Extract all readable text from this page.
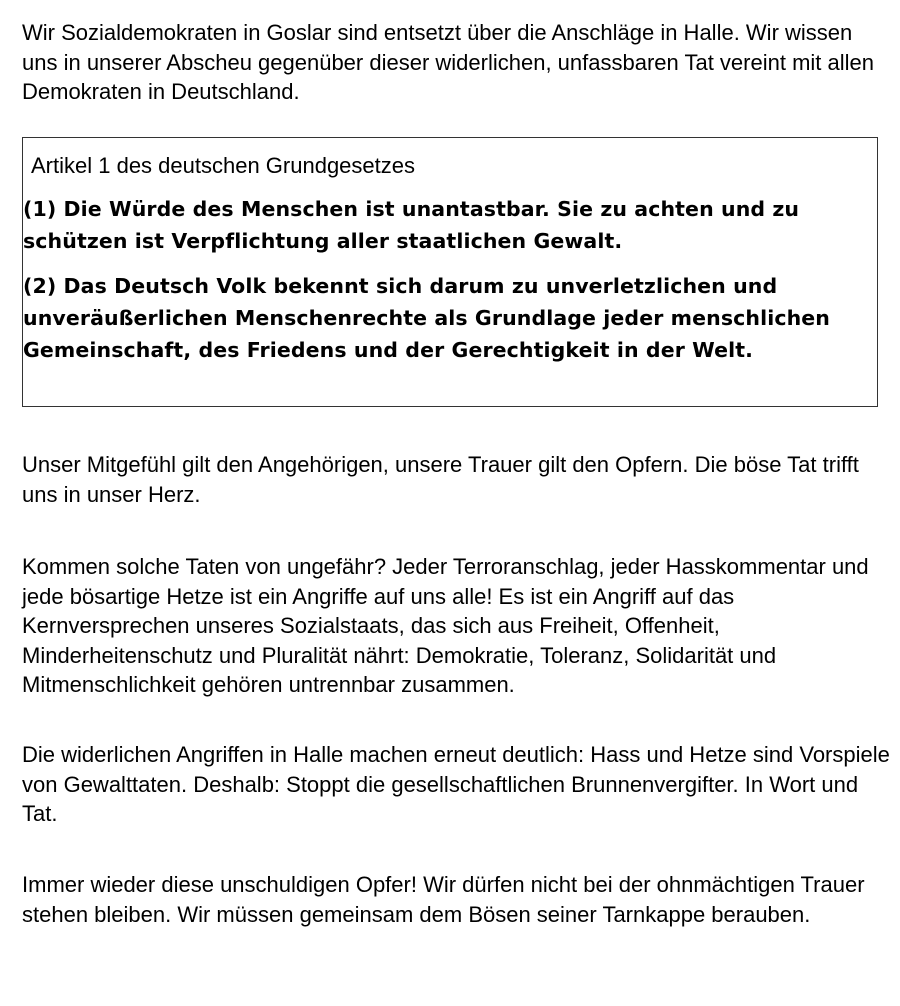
Wir Sozialdemokraten in Goslar sind entsetzt über die Anschläge in Halle. Wir wissen uns in unserer Abscheu gegenüber dieser widerlichen, unfassbaren Tat vereint mit allen Demokraten in Deutschland.

Artikel 1 des deutschen Grundgesetzes

(1) Die Würde des Menschen ist unantastbar. Sie zu achten und zu schützen ist Verpflichtung aller staatlichen Gewalt.

(2) Das Deutsch Volk bekennt sich darum zu unverletzlichen und unveräußerlichen Menschenrechte als Grundlage jeder menschlichen Gemeinschaft, des Friedens und der Gerechtigkeit in der Welt.

Unser Mitgefühl gilt den Angehörigen, unsere Trauer gilt den Opfern. Die böse Tat trifft uns in unser Herz.

Kommen solche Taten von ungefähr? Jeder Terroranschlag, jeder Hasskommentar und jede bösartige Hetze ist ein Angriffe auf uns alle! Es ist ein Angriff auf das Kernversprechen unseres Sozialstaats, das sich aus Freiheit, Offenheit, Minderheitenschutz und Pluralität nährt: Demokratie, Toleranz, Solidarität und Mitmenschlichkeit gehören untrennbar zusammen.

Die widerlichen Angriffen in Halle machen erneut deutlich: Hass und Hetze sind Vorspiele von Gewalttaten. Deshalb: Stoppt die gesellschaftlichen Brunnenvergifter. In Wort und Tat.

Immer wieder diese unschuldigen Opfer! Wir dürfen nicht bei der ohnmächtigen Trauer stehen bleiben. Wir müssen gemeinsam dem Bösen seiner Tarnkappe berauben.
